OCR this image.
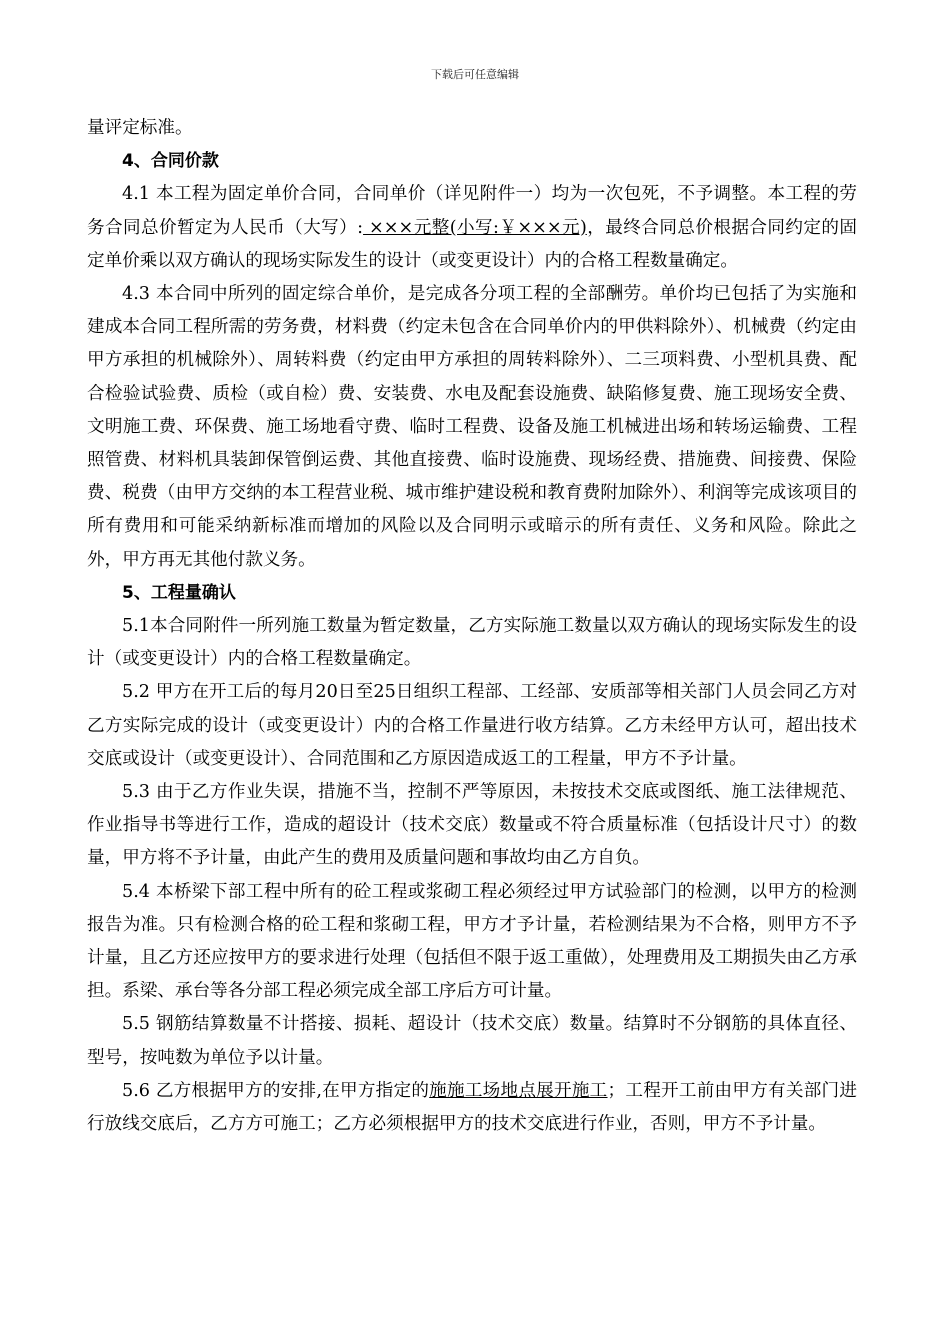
下载后可任意编辑

量评定标准。

4、合同价款

4.1 本工程为固定单价合同，合同单价（详见附件一）均为一次包死，不予调整。本工程的劳务合同总价暂定为人民币（大写）: ×××元整(小写:￥×××元)，最终合同总价根据合同约定的固定单价乘以双方确认的现场实际发生的设计（或变更设计）内的合格工程数量确定。

4.3 本合同中所列的固定综合单价，是完成各分项工程的全部酬劳。单价均已包括了为实施和建成本合同工程所需的劳务费，材料费（约定未包含在合同单价内的甲供料除外）、机械费（约定由甲方承担的机械除外）、周转料费（约定由甲方承担的周转料除外）、二三项料费、小型机具费、配合检验试验费、质检（或自检）费、安装费、水电及配套设施费、缺陷修复费、施工现场安全费、文明施工费、环保费、施工场地看守费、临时工程费、设备及施工机械进出场和转场运输费、工程照管费、材料机具装卸保管倒运费、其他直接费、临时设施费、现场经费、措施费、间接费、保险费、税费（由甲方交纳的本工程营业税、城市维护建设税和教育费附加除外）、利润等完成该项目的所有费用和可能采纳新标准而增加的风险以及合同明示或暗示的所有责任、义务和风险。除此之外，甲方再无其他付款义务。

5、工程量确认

5.1本合同附件一所列施工数量为暂定数量，乙方实际施工数量以双方确认的现场实际发生的设计（或变更设计）内的合格工程数量确定。

5.2 甲方在开工后的每月20日至25日组织工程部、工经部、安质部等相关部门人员会同乙方对乙方实际完成的设计（或变更设计）内的合格工作量进行收方结算。乙方未经甲方认可，超出技术交底或设计（或变更设计）、合同范围和乙方原因造成返工的工程量，甲方不予计量。

5.3 由于乙方作业失误，措施不当，控制不严等原因，未按技术交底或图纸、施工法律规范、作业指导书等进行工作，造成的超设计（技术交底）数量或不符合质量标准（包括设计尺寸）的数量，甲方将不予计量，由此产生的费用及质量问题和事故均由乙方自负。

5.4 本桥梁下部工程中所有的砼工程或浆砌工程必须经过甲方试验部门的检测，以甲方的检测报告为准。只有检测合格的砼工程和浆砌工程，甲方才予计量，若检测结果为不合格，则甲方不予计量，且乙方还应按甲方的要求进行处理（包括但不限于返工重做），处理费用及工期损失由乙方承担。系梁、承台等各分部工程必须完成全部工序后方可计量。

5.5 钢筋结算数量不计搭接、损耗、超设计（技术交底）数量。结算时不分钢筋的具体直径、型号，按吨数为单位予以计量。

5.6 乙方根据甲方的安排,在甲方指定的施施工场地点展开施工；工程开工前由甲方有关部门进行放线交底后，乙方方可施工；乙方必须根据甲方的技术交底进行作业，否则，甲方不予计量。
